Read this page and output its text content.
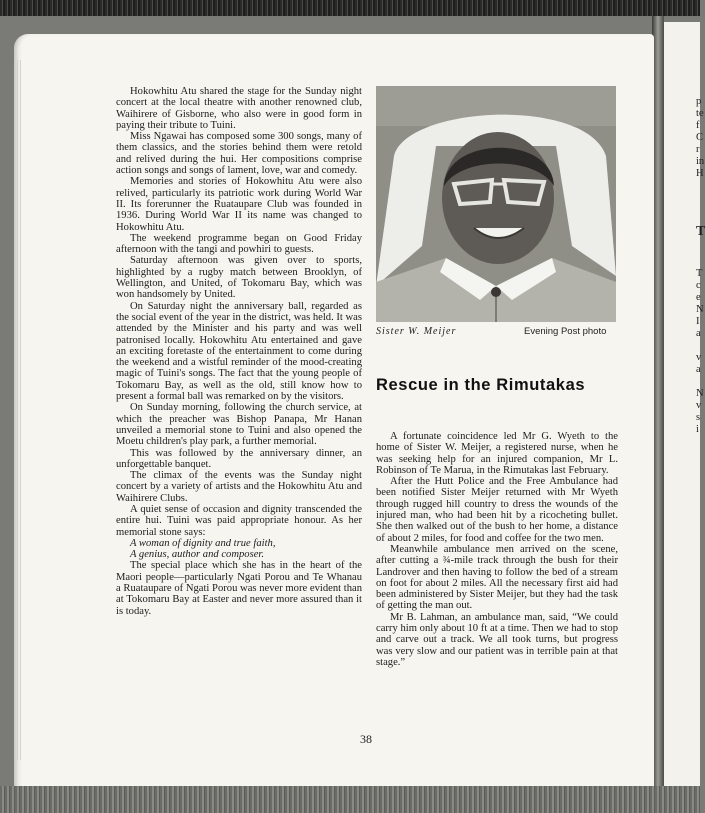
p
te
f
C
r
in
H
T
T
c
e
N
I
a
v
a
N
v
s
i

Hokowhitu Atu shared the stage for the Sunday night concert at the local theatre with another renowned club, Waihirere of Gisborne, who also were in good form in paying their tribute to Tuini.

Miss Ngawai has composed some 300 songs, many of them classics, and the stories behind them were retold and relived during the hui. Her compositions comprise action songs and songs of lament, love, war and comedy.

Memories and stories of Hokowhitu Atu were also relived, particularly its patriotic work during World War II. Its forerunner the Ruataupare Club was founded in 1936. During World War II its name was changed to Hokowhitu Atu.

The weekend programme began on Good Friday afternoon with the tangi and powhiri to guests.

Saturday afternoon was given over to sports, highlighted by a rugby match between Brooklyn, of Wellington, and United, of Tokomaru Bay, which was won handsomely by United.

On Saturday night the anniversary ball, regarded as the social event of the year in the district, was held. It was attended by the Minister and his party and was well patronised locally. Hokowhitu Atu entertained and gave an exciting foretaste of the entertainment to come during the weekend and a wistful reminder of the mood-creating magic of Tuini's songs. The fact that the young people of Tokomaru Bay, as well as the old, still know how to present a formal ball was remarked on by the visitors.

On Sunday morning, following the church service, at which the preacher was Bishop Panapa, Mr Hanan unveiled a memorial stone to Tuini and also opened the Moetu children's play park, a further memorial.

This was followed by the anniversary dinner, an unforgettable banquet.

The climax of the events was the Sunday night concert by a variety of artists and the Hokowhitu Atu and Waihirere Clubs.

A quiet sense of occasion and dignity transcended the entire hui. Tuini was paid appropriate honour. As her memorial stone says:

A woman of dignity and true faith,

A genius, author and composer.

The special place which she has in the heart of the Maori people—particularly Ngati Porou and Te Whanau a Ruataupare of Ngati Porou was never more evident than at Tokomaru Bay at Easter and never more assured than it is today.

Sister W. Meijer	Evening Post photo
Rescue in the Rimutakas

A fortunate coincidence led Mr G. Wyeth to the home of Sister W. Meijer, a registered nurse, when he was seeking help for an injured companion, Mr L. Robinson of Te Marua, in the Rimutakas last February.

After the Hutt Police and the Free Ambulance had been notified Sister Meijer returned with Mr Wyeth through rugged hill country to dress the wounds of the injured man, who had been hit by a ricocheting bullet. She then walked out of the bush to her home, a distance of about 2 miles, for food and coffee for the two men.

Meanwhile ambulance men arrived on the scene, after cutting a ¾-mile track through the bush for their Landrover and then having to follow the bed of a stream on foot for about 2 miles. All the necessary first aid had been administered by Sister Meijer, but they had the task of getting the man out.

Mr B. Lahman, an ambulance man, said, “We could carry him only about 10 ft at a time. Then we had to stop and carve out a track. We all took turns, but progress was very slow and our patient was in terrible pain at that stage.”

38
